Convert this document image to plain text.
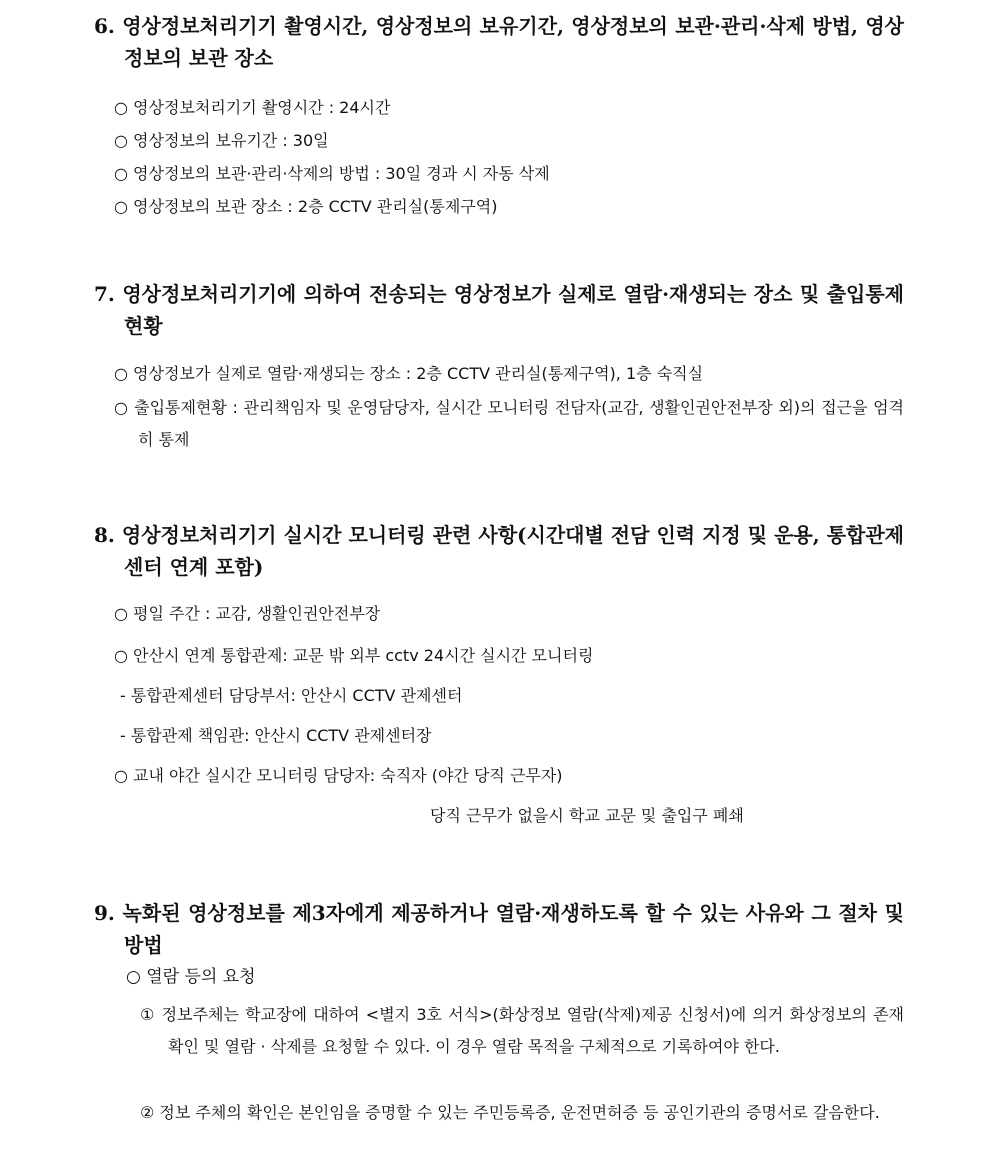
6. 영상정보처리기기 촬영시간, 영상정보의 보유기간, 영상정보의 보관·관리·삭제 방법, 영상정보의 보관 장소

○ 영상정보처리기기 촬영시간 : 24시간

○ 영상정보의 보유기간 : 30일

○ 영상정보의 보관·관리·삭제의 방법 : 30일 경과 시 자동 삭제

○ 영상정보의 보관 장소 : 2층 CCTV 관리실(통제구역)

7. 영상정보처리기기에 의하여 전송되는 영상정보가 실제로 열람·재생되는 장소 및 출입통제 현황

○ 영상정보가 실제로 열람·재생되는 장소 : 2층 CCTV 관리실(통제구역), 1층 숙직실

○ 출입통제현황 : 관리책임자 및 운영담당자, 실시간 모니터링 전담자(교감, 생활인권안전부장 외)의 접근을 엄격히 통제

8. 영상정보처리기기 실시간 모니터링 관련 사항(시간대별 전담 인력 지정 및 운용, 통합관제센터 연계 포함)

○ 평일 주간 : 교감, 생활인권안전부장

○ 안산시 연계 통합관제: 교문 밖 외부 cctv 24시간 실시간 모니터링

- 통합관제센터 담당부서: 안산시 CCTV 관제센터

- 통합관제 책임관: 안산시 CCTV 관제센터장

○ 교내 야간 실시간 모니터링 담당자: 숙직자 (야간 당직 근무자)

당직 근무가 없을시 학교 교문 및 출입구 폐쇄

9. 녹화된 영상정보를 제3자에게 제공하거나 열람·재생하도록 할 수 있는 사유와 그 절차 및 방법

○ 열람 등의 요청

① 정보주체는 학교장에 대하여 <별지 3호 서식>(화상정보 열람(삭제)제공 신청서)에 의거 화상정보의 존재 확인 및 열람 · 삭제를 요청할 수 있다. 이 경우 열람 목적을 구체적으로 기록하여야 한다.

② 정보 주체의 확인은 본인임을 증명할 수 있는 주민등록증, 운전면허증 등 공인기관의 증명서로 갈음한다.
